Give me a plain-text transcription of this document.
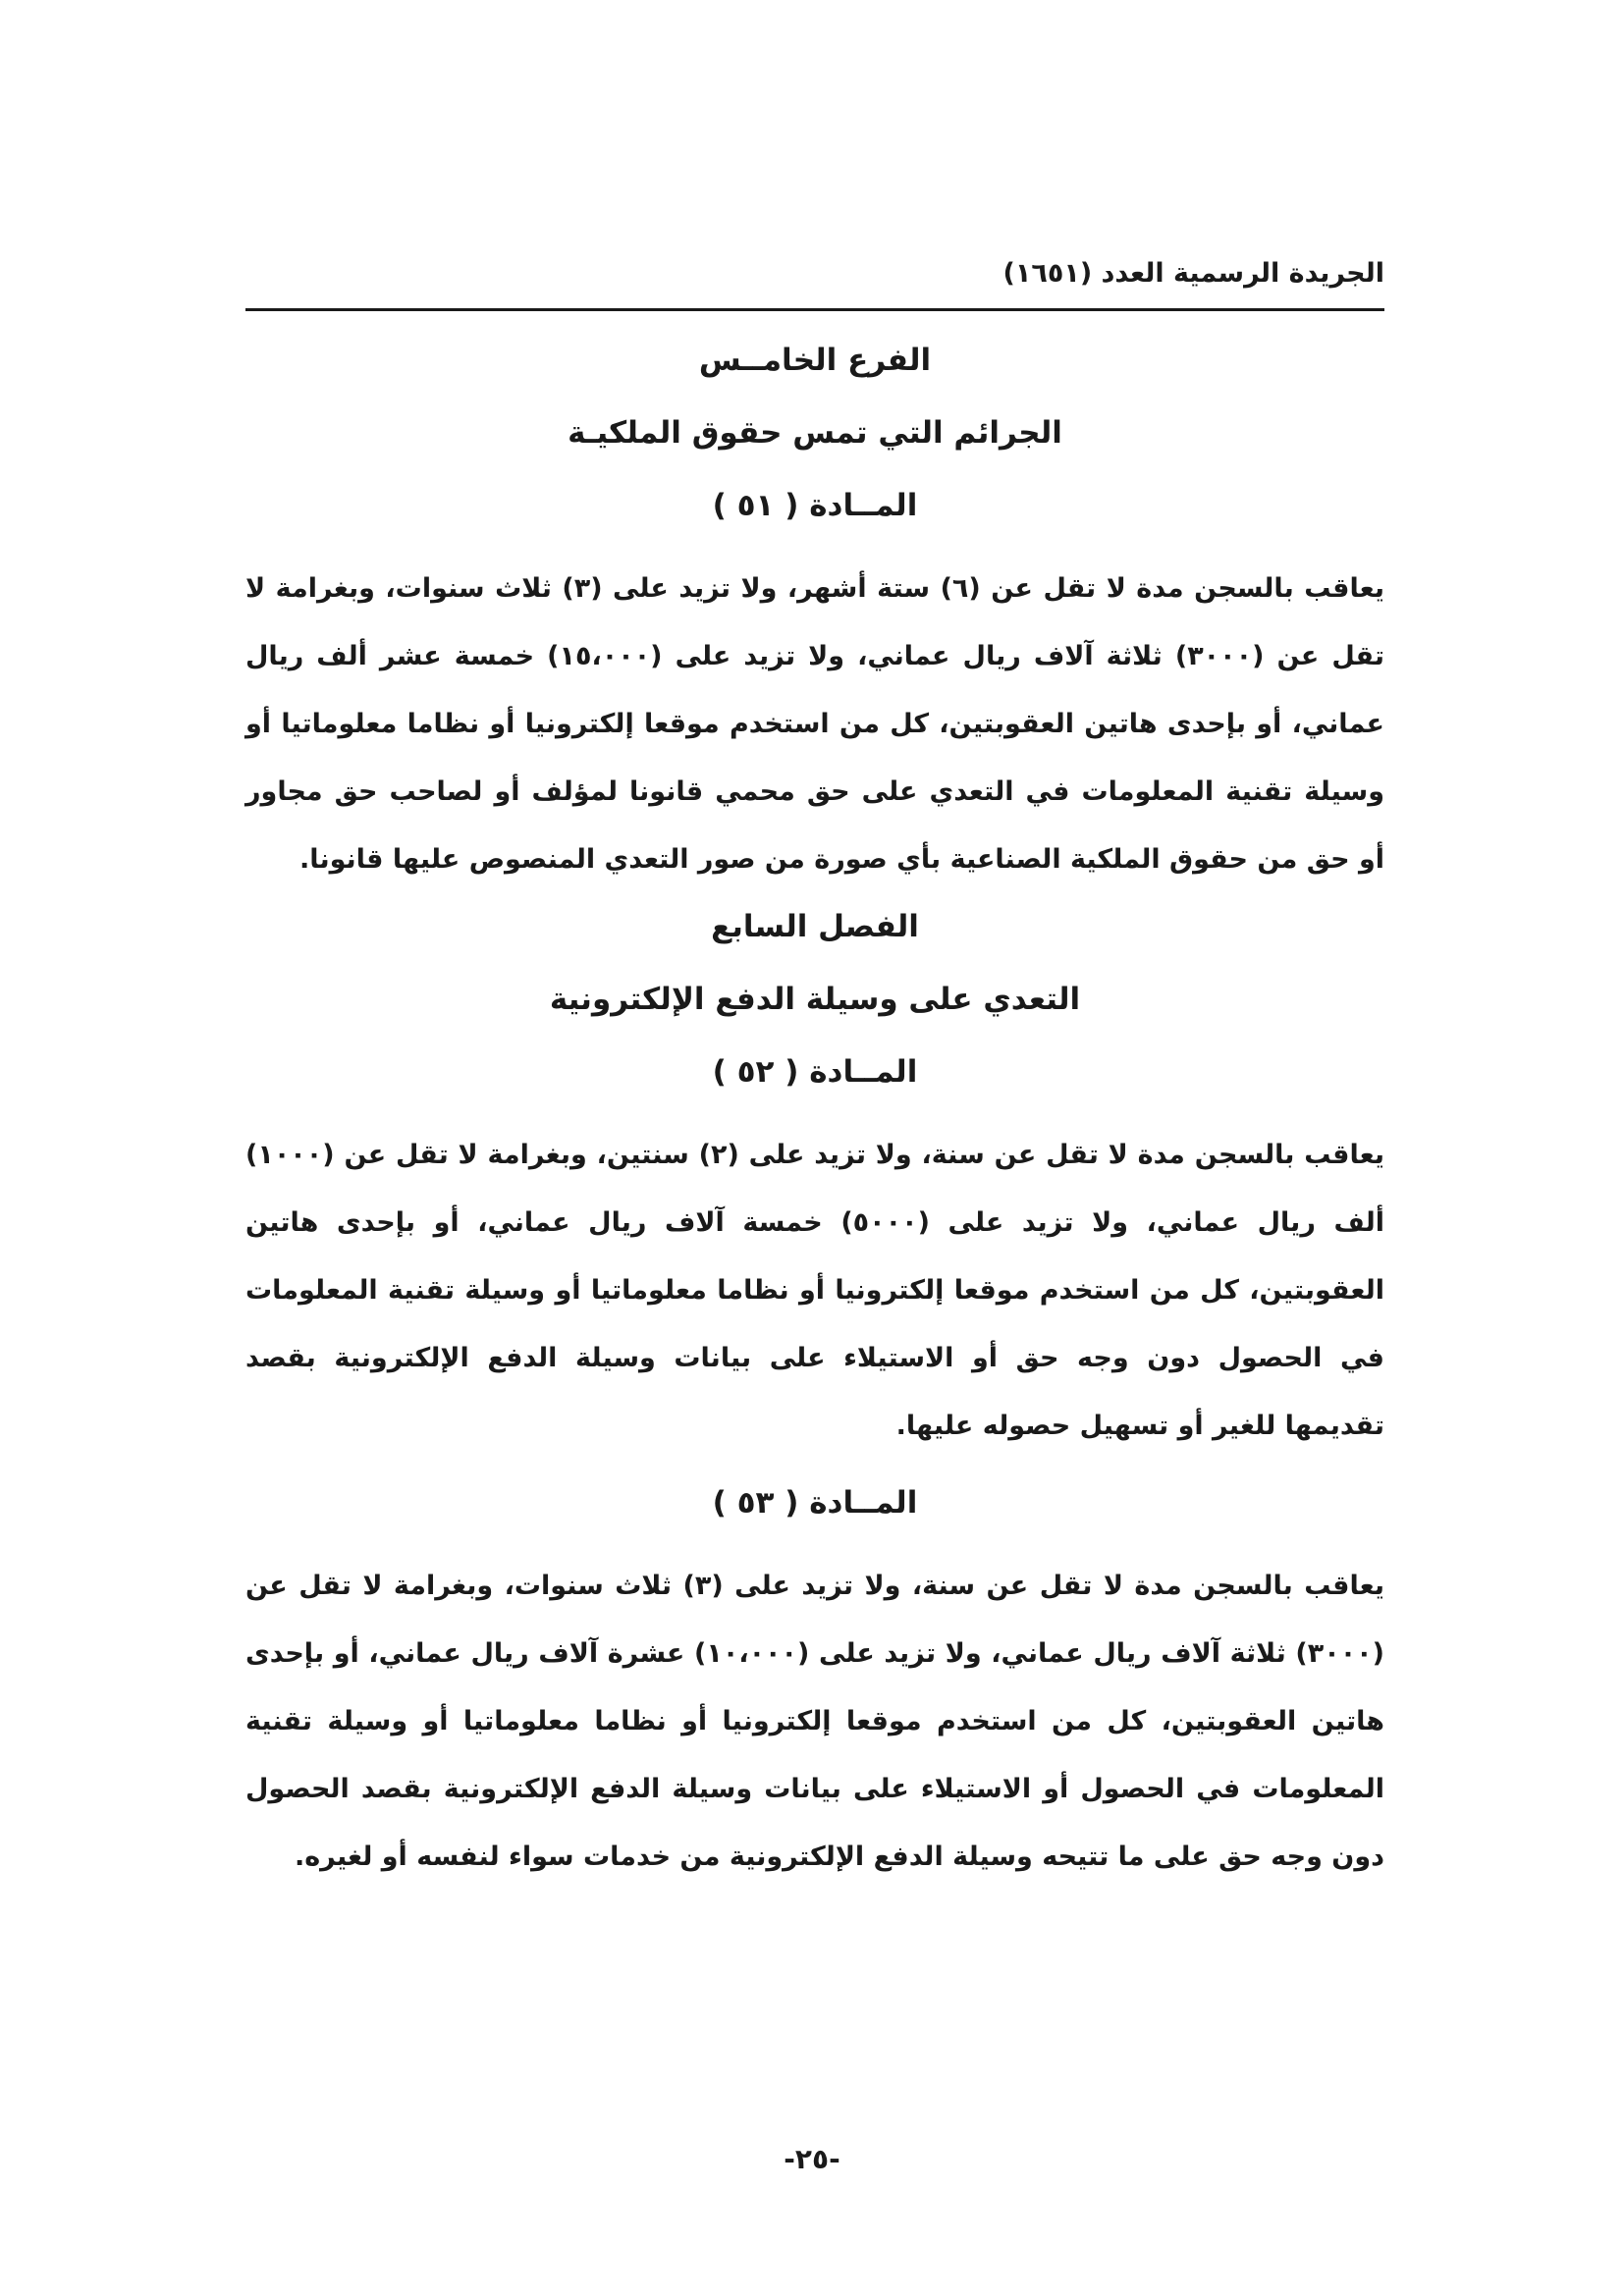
الجريدة الرسمية العدد (١٦٥١)
الفرع الخامــس
الجرائم التي تمس حقوق الملكيـة
المــادة ( ٥١ )

يعاقب بالسجن مدة لا تقل عن (٦) ستة أشهر، ولا تزيد على (٣) ثلاث سنوات، وبغرامة لا تقل عن (٣٠٠٠) ثلاثة آلاف ريال عماني، ولا تزيد على (١٥،٠٠٠) خمسة عشر ألف ريال عماني، أو بإحدى هاتين العقوبتين، كل من استخدم موقعا إلكترونيا أو نظاما معلوماتيا أو وسيلة تقنية المعلومات في التعدي على حق محمي قانونا لمؤلف أو لصاحب حق مجاور أو حق من حقوق الملكية الصناعية بأي صورة من صور التعدي المنصوص عليها قانونا.

الفصل السابع
التعدي على وسيلة الدفع الإلكترونية
المــادة ( ٥٢ )

يعاقب بالسجن مدة لا تقل عن سنة، ولا تزيد على (٢) سنتين، وبغرامة لا تقل عن (١٠٠٠) ألف ريال عماني، ولا تزيد على (٥٠٠٠) خمسة آلاف ريال عماني، أو بإحدى هاتين العقوبتين، كل من استخدم موقعا إلكترونيا أو نظاما معلوماتيا أو وسيلة تقنية المعلومات في الحصول دون وجه حق أو الاستيلاء على بيانات وسيلة الدفع الإلكترونية بقصد تقديمها للغير أو تسهيل حصوله عليها.

المــادة ( ٥٣ )

يعاقب بالسجن مدة لا تقل عن سنة، ولا تزيد على (٣) ثلاث سنوات، وبغرامة لا تقل عن (٣٠٠٠) ثلاثة آلاف ريال عماني، ولا تزيد على (١٠،٠٠٠) عشرة آلاف ريال عماني، أو بإحدى هاتين العقوبتين، كل من استخدم موقعا إلكترونيا أو نظاما معلوماتيا أو وسيلة تقنية المعلومات في الحصول أو الاستيلاء على بيانات وسيلة الدفع الإلكترونية بقصد الحصول دون وجه حق على ما تتيحه وسيلة الدفع الإلكترونية من خدمات سواء لنفسه أو لغيره.

-٢٥-
